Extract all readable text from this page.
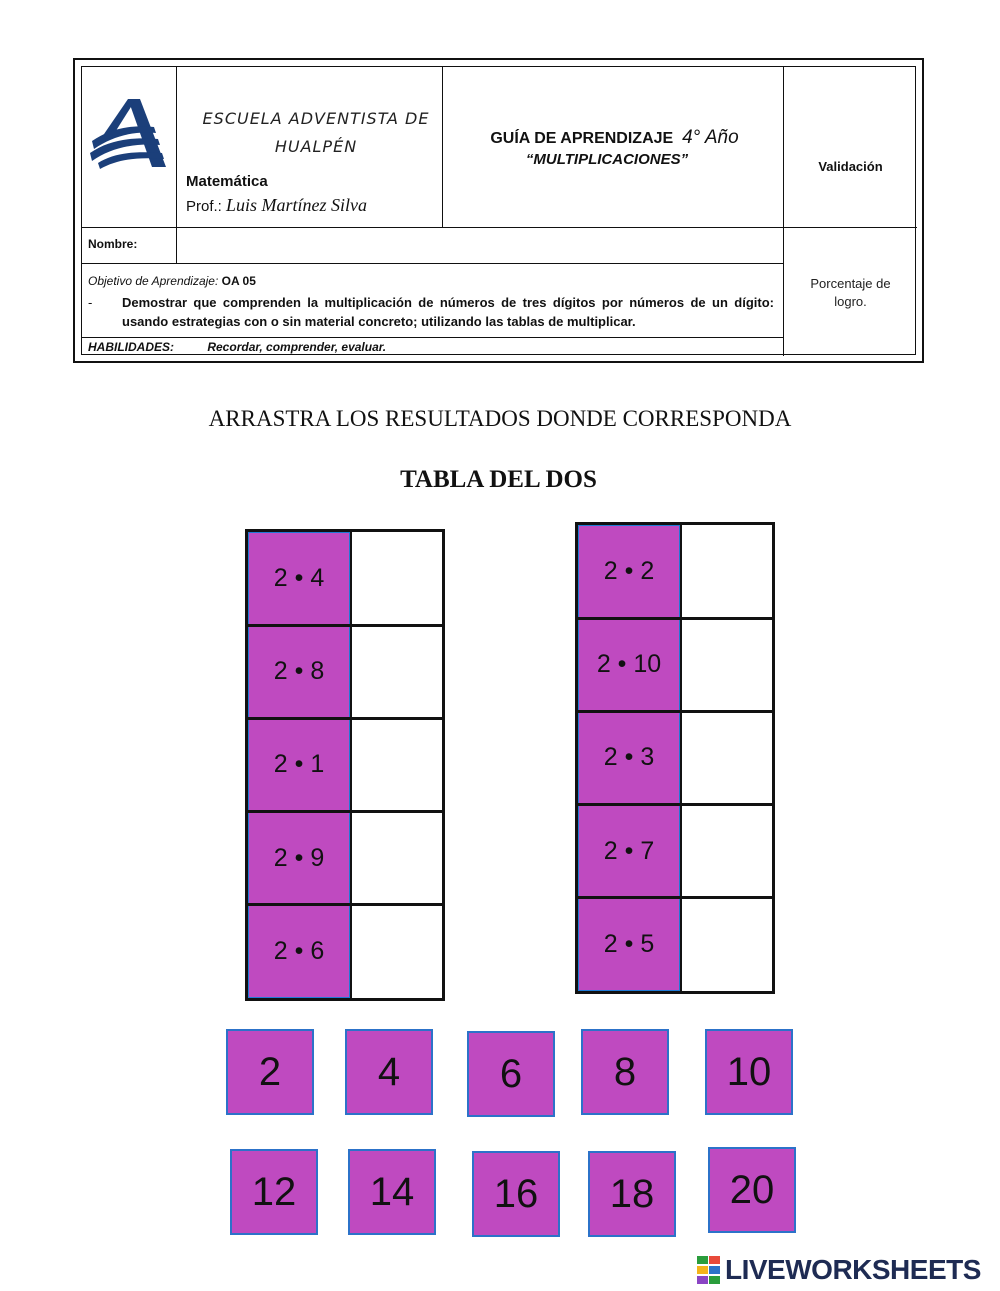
ESCUELA ADVENTISTA DE
HUALPÉN
Matemática
Prof.: Luis Martínez Silva
GUÍA DE APRENDIZAJE 4° Año
“MULTIPLICACIONES”	Validación
Nombre:
Objetivo de Aprendizaje: OA 05
-	Demostrar que comprenden la multiplicación de números de tres dígitos por números de un dígito: usando estrategias con o sin material concreto; utilizando las tablas de multiplicar.
HABILIDADES:	Recordar, comprender, evaluar.
Porcentaje de
logro.
ARRASTRA LOS RESULTADOS DONDE CORRESPONDA
TABLA DEL DOS
2 • 4
2 • 8
2 • 1
2 • 9
2 • 6
2 • 2
2 • 10
2 • 3
2 • 7
2 • 5
2	4	6	8	10
12	14	16	18	20
LIVEWORKSHEETS
